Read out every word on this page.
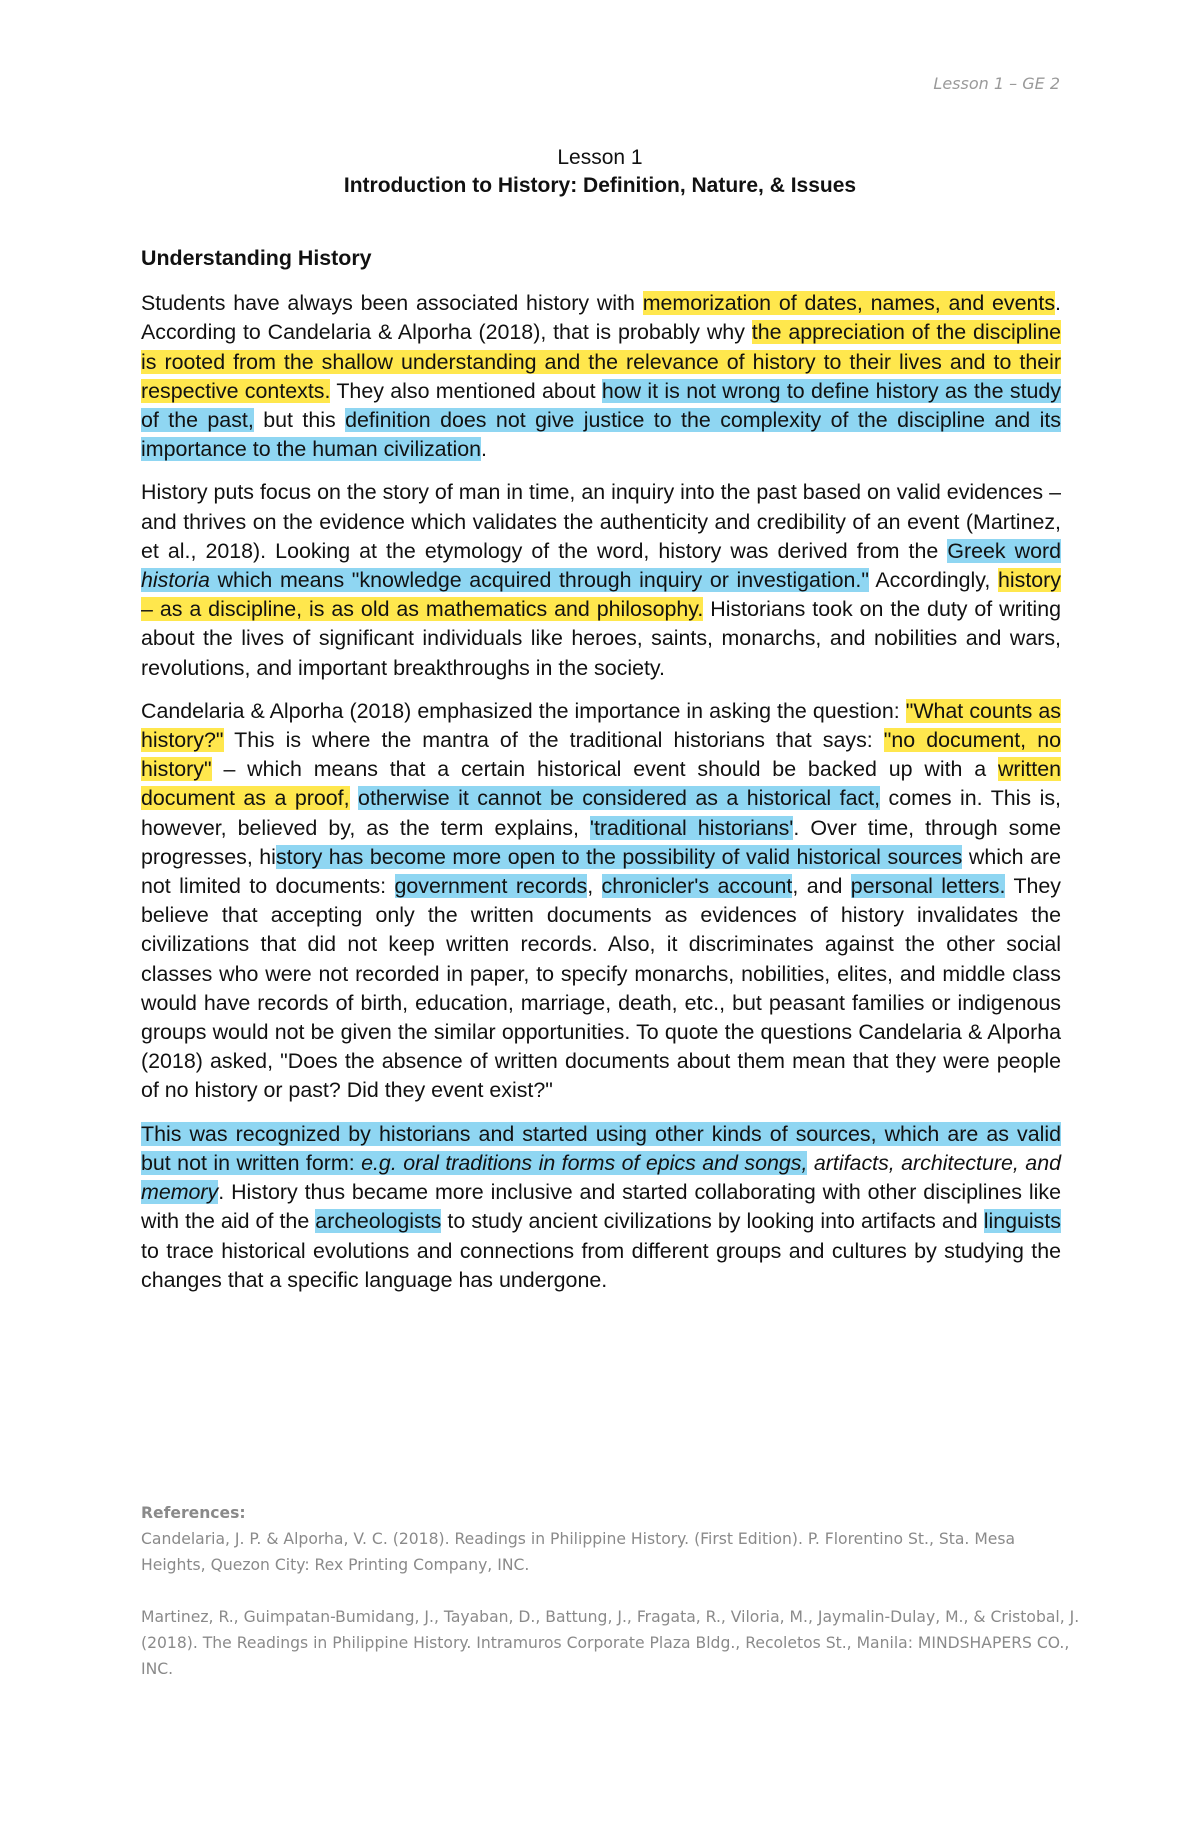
Lesson 1 – GE 2
Lesson 1
Introduction to History: Definition, Nature, & Issues
Understanding History

Students have always been associated history with memorization of dates, names, and events. According to Candelaria & Alporha (2018), that is probably why the appreciation of the discipline is rooted from the shallow understanding and the relevance of history to their lives and to their respective contexts. They also mentioned about how it is not wrong to define history as the study of the past, but this definition does not give justice to the complexity of the discipline and its importance to the human civilization.

History puts focus on the story of man in time, an inquiry into the past based on valid evidences – and thrives on the evidence which validates the authenticity and credibility of an event (Martinez, et al., 2018). Looking at the etymology of the word, history was derived from the Greek word historia which means "knowledge acquired through inquiry or investigation." Accordingly, history – as a discipline, is as old as mathematics and philosophy. Historians took on the duty of writing about the lives of significant individuals like heroes, saints, monarchs, and nobilities and wars, revolutions, and important breakthroughs in the society.

Candelaria & Alporha (2018) emphasized the importance in asking the question: "What counts as history?" This is where the mantra of the traditional historians that says: "no document, no history" – which means that a certain historical event should be backed up with a written document as a proof, otherwise it cannot be considered as a historical fact, comes in. This is, however, believed by, as the term explains, 'traditional historians'. Over time, through some progresses, history has become more open to the possibility of valid historical sources which are not limited to documents: government records, chronicler's account, and personal letters. They believe that accepting only the written documents as evidences of history invalidates the civilizations that did not keep written records. Also, it discriminates against the other social classes who were not recorded in paper, to specify monarchs, nobilities, elites, and middle class would have records of birth, education, marriage, death, etc., but peasant families or indigenous groups would not be given the similar opportunities. To quote the questions Candelaria & Alporha (2018) asked, "Does the absence of written documents about them mean that they were people of no history or past? Did they event exist?"

This was recognized by historians and started using other kinds of sources, which are as valid but not in written form: e.g. oral traditions in forms of epics and songs, artifacts, architecture, and memory. History thus became more inclusive and started collaborating with other disciplines like with the aid of the archeologists to study ancient civilizations by looking into artifacts and linguists to trace historical evolutions and connections from different groups and cultures by studying the changes that a specific language has undergone.

References:
Candelaria, J. P. & Alporha, V. C. (2018). Readings in Philippine History. (First Edition). P. Florentino St., Sta. Mesa Heights, Quezon City: Rex Printing Company, INC.
Martinez, R., Guimpatan-Bumidang, J., Tayaban, D., Battung, J., Fragata, R., Viloria, M., Jaymalin-Dulay, M., & Cristobal, J. (2018). The Readings in Philippine History. Intramuros Corporate Plaza Bldg., Recoletos St., Manila: MINDSHAPERS CO., INC.
